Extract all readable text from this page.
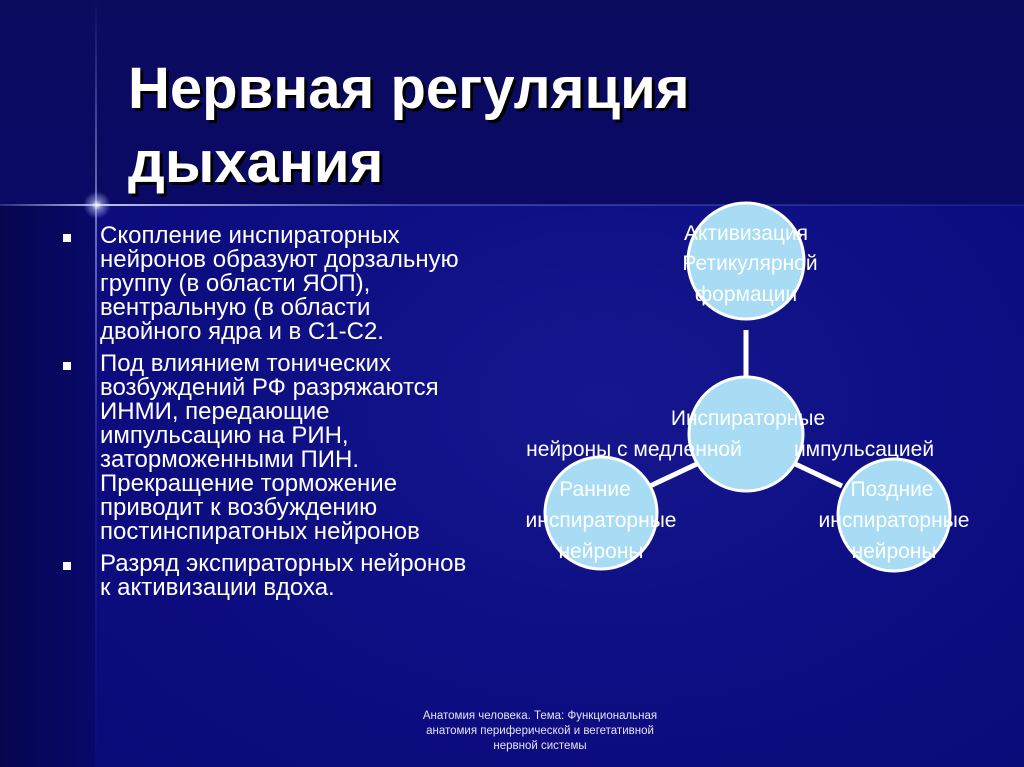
Нервная регуляция
дыхания
Скопление инспираторных
нейронов образуют дорзальную
группу (в области ЯОП),
вентральную (в области
двойного ядра и в С1-С2.
Под влиянием тонических
возбуждений РФ разряжаются
ИНМИ, передающие
импульсацию на РИН,
заторможенными ПИН.
Прекращение торможение
приводит к возбуждению
постинспиратоных нейронов
Разряд экспираторных нейронов
к активизации вдоха.
Активизация
Ретикулярной
формации
Инспираторные
нейроны с медленной импульсацией
Ранние
инспираторные
нейроны
Поздние
инспираторные
нейроны

Анатомия человека. Тема: Функциональная
анатомия периферической и вегетативной
нервной системы
